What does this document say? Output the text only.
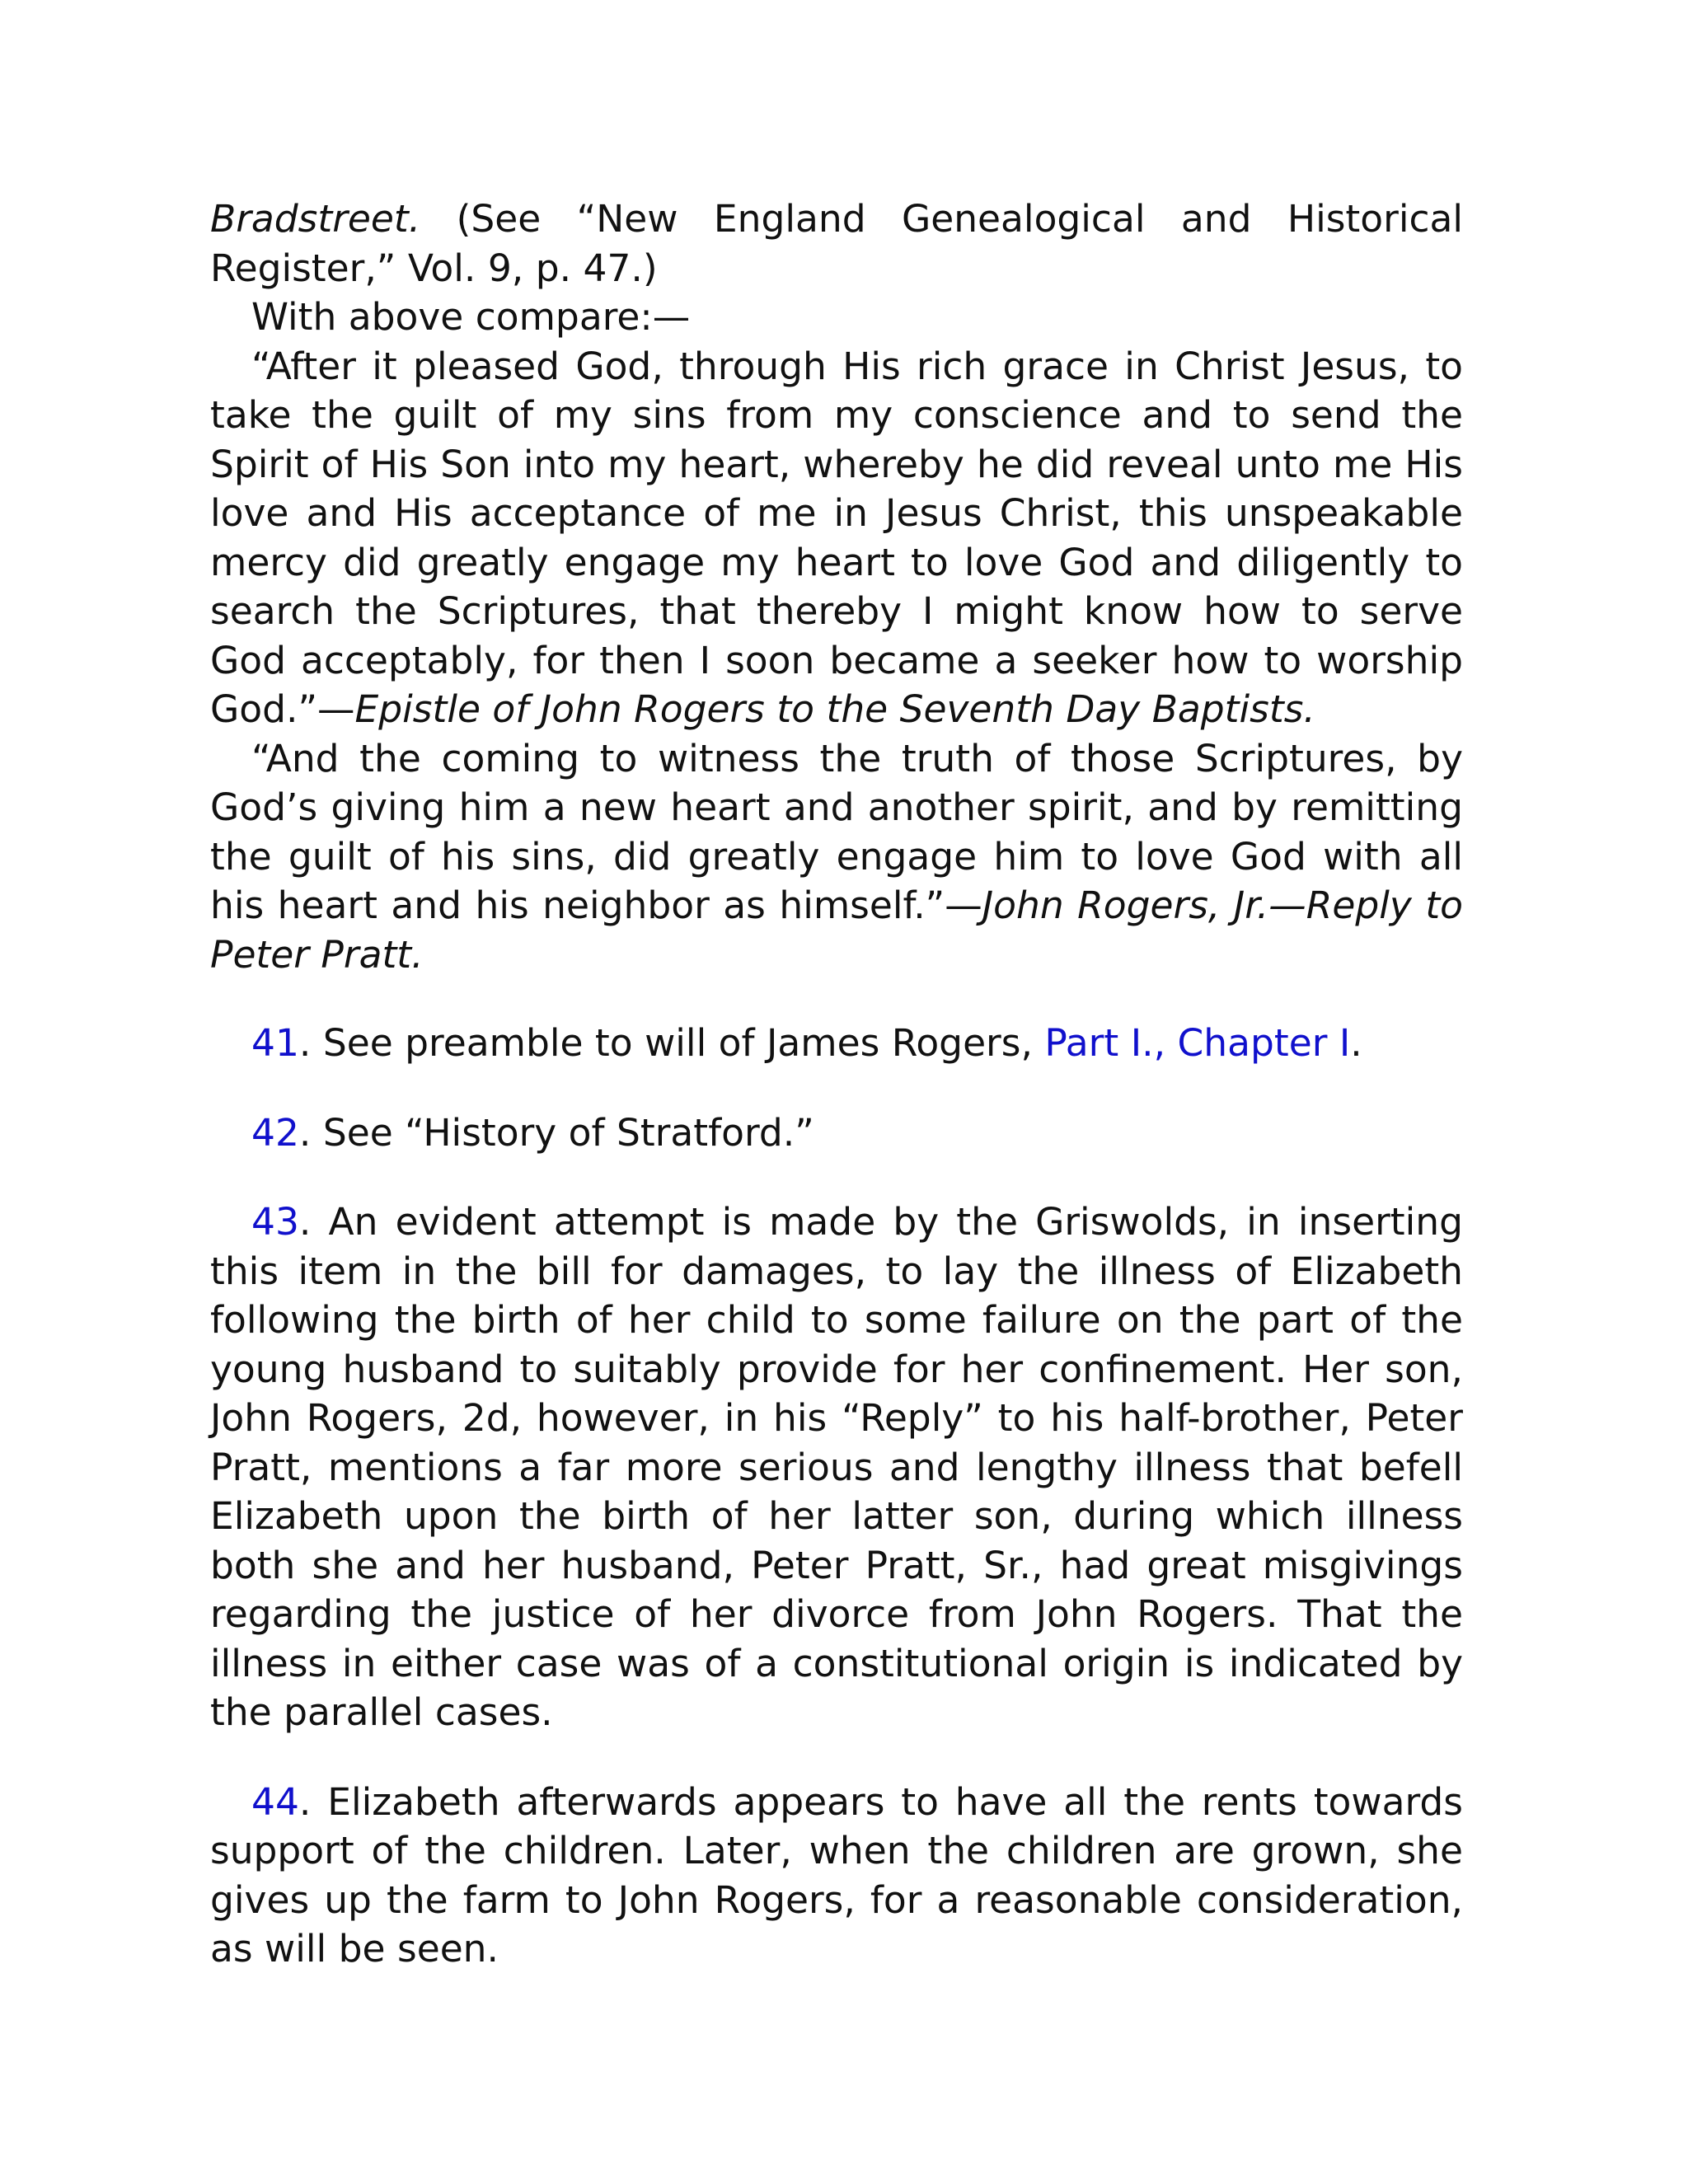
Bradstreet. (See “New England Genealogical and Historical Register,” Vol. 9, p. 47.)

With above compare:—

“After it pleased God, through His rich grace in Christ Jesus, to take the guilt of my sins from my conscience and to send the Spirit of His Son into my heart, whereby he did reveal unto me His love and His acceptance of me in Jesus Christ, this unspeakable mercy did greatly engage my heart to love God and diligently to search the Scriptures, that thereby I might know how to serve God acceptably, for then I soon became a seeker how to worship God.”—Epistle of John Rogers to the Seventh Day Baptists.

“And the coming to witness the truth of those Scriptures, by God’s giving him a new heart and another spirit, and by remitting the guilt of his sins, did greatly engage him to love God with all his heart and his neighbor as himself.”—John Rogers, Jr.—Reply to Peter Pratt.

41. See preamble to will of James Rogers, Part I., Chapter I.

42. See “History of Stratford.”

43. An evident attempt is made by the Griswolds, in inserting this item in the bill for damages, to lay the illness of Elizabeth following the birth of her child to some failure on the part of the young husband to suitably provide for her confinement. Her son, John Rogers, 2d, however, in his “Reply” to his half-brother, Peter Pratt, mentions a far more serious and lengthy illness that befell Elizabeth upon the birth of her latter son, during which illness both she and her husband, Peter Pratt, Sr., had great misgivings regarding the justice of her divorce from John Rogers. That the illness in either case was of a constitutional origin is indicated by the parallel cases.

44. Elizabeth afterwards appears to have all the rents towards support of the children. Later, when the children are grown, she gives up the farm to John Rogers, for a reasonable consideration, as will be seen.
